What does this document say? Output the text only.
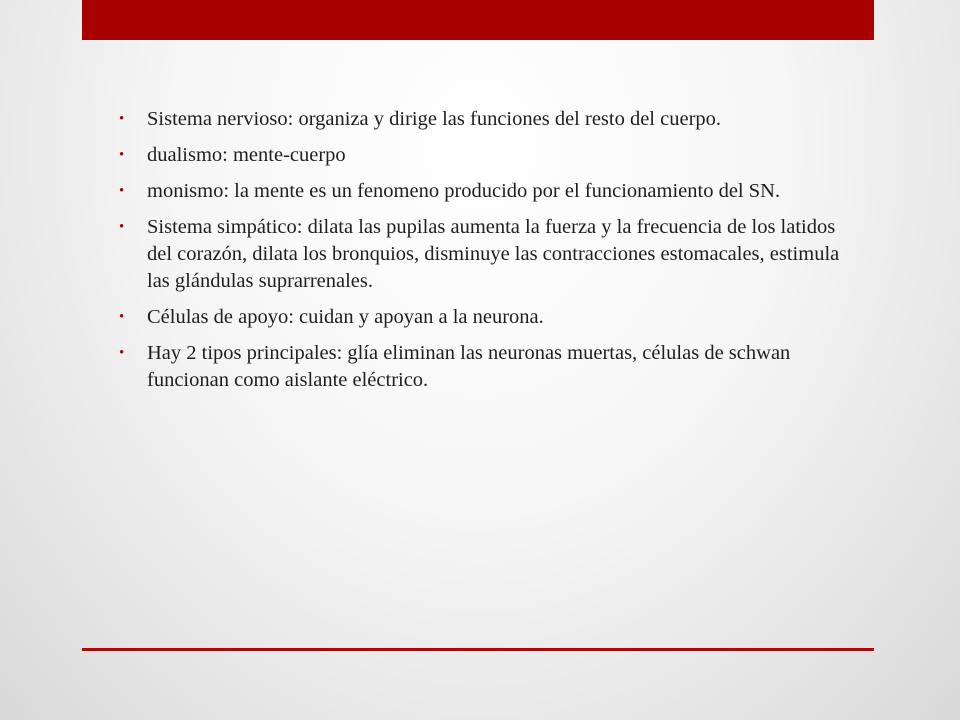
• Sistema nervioso: organiza y dirige las funciones del resto del cuerpo.
• dualismo: mente-cuerpo
• monismo: la mente es un fenomeno producido por el funcionamiento del SN.
• Sistema simpático: dilata las pupilas aumenta la fuerza y la frecuencia de los latidos del corazón, dilata los bronquios, disminuye las contracciones estomacales, estimula las glándulas suprarrenales.
• Células de apoyo: cuidan y apoyan a la neurona.
• Hay 2 tipos principales: glía eliminan las neuronas muertas, células de schwan funcionan como aislante eléctrico.
